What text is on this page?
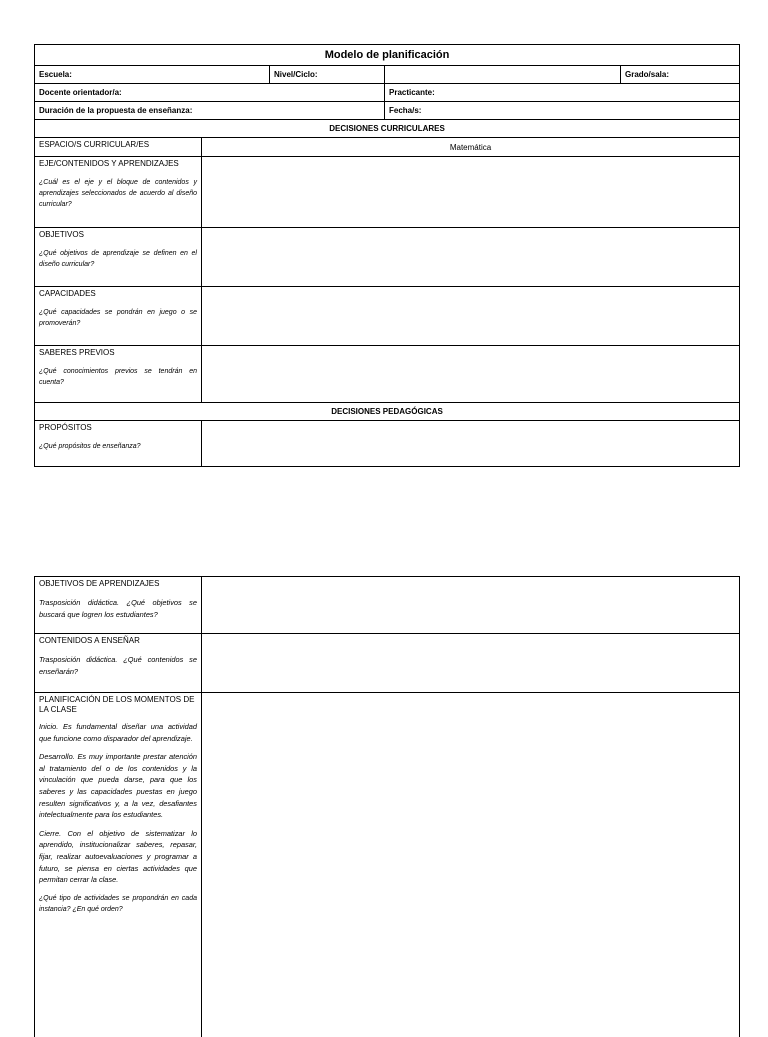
Modelo de planificación				
Escuela:		Nivel/Ciclo:		Grado/sala:
Docente orientador/a:			Practicante:	
Duración de la propuesta de enseñanza:			Fecha/s:	
DECISIONES CURRICULARES				
ESPACIO/S CURRICULAR/ES	Matemática			

EJE/CONTENIDOS Y APRENDIZAJES
¿Cuál es el eje y el bloque de contenidos y aprendizajes seleccionados de acuerdo al diseño curricular?				

OBJETIVOS
¿Qué objetivos de aprendizaje se definen en el diseño curricular?				

CAPACIDADES
¿Qué capacidades se pondrán en juego o se promoverán?				

SABERES PREVIOS
¿Qué conocimientos previos se tendrán en cuenta?				

DECISIONES PEDAGÓGICAS				

PROPÓSITOS
¿Qué propósitos de enseñanza?				

OBJETIVOS DE APRENDIZAJES
Trasposición didáctica. ¿Qué objetivos se buscará que logren los estudiantes?	

CONTENIDOS A ENSEÑAR
Trasposición didáctica. ¿Qué contenidos se enseñarán?	

PLANIFICACIÓN DE LOS MOMENTOS DE LA CLASE
Inicio. Es fundamental diseñar una actividad que funcione como disparador del aprendizaje.
Desarrollo. Es muy importante prestar atención al tratamiento del o de los contenidos y la vinculación que pueda darse, para que los saberes y las capacidades puestas en juego resulten significativos y, a la vez, desafiantes intelectualmente para los estudiantes.
Cierre. Con el objetivo de sistematizar lo aprendido, institucionalizar saberes, repasar, fijar, realizar autoevaluaciones y programar a futuro, se piensa en ciertas actividades que permitan cerrar la clase.
¿Qué tipo de actividades se propondrán en cada instancia? ¿En qué orden?	
